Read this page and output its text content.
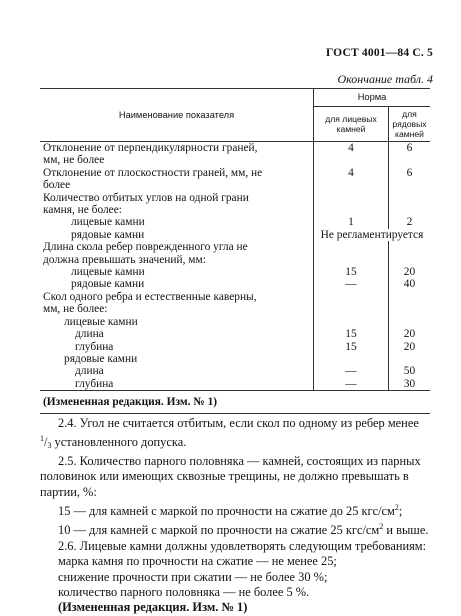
ГОСТ 4001—84 С. 5
Окончание табл. 4
Наименование показателя	Норма	
	для лицевых камней	для рядовых камней
Отклонение от перпендикулярности граней,	4	6
мм, не более		
Отклонение от плоскостности граней, мм, не	4	6
более		
Количество отбитых углов на одной грани		
камня, не более:		
лицевые камни	1	2
рядовые камни	Не регламентируется	
Длина скола ребер поврежденного угла не		
должна превышать значений, мм:		
лицевые камни	15	20
рядовые камни	—	40
Скол одного ребра и естественные каверны,		
мм, не более:		
лицевые камни		
длина	15	20
глубина	15	20
рядовые камни		
длина	—	50
глубина	—	30
(Измененная редакция. Изм. № 1)		

2.4. Угол не считается отбитым, если скол по одному из ребер менее $^1/_3$ установленного допуска.

2.5. Количество парного половняка — камней, состоящих из парных половинок или имеющих сквозные трещины, не должно превышать в партии, %:

15 — для камней с маркой по прочности на сжатие до 25 кгс/$см^2$;

10 — для камней с маркой по прочности на сжатие 25 кгс/$см^2$ и выше.

2.6. Лицевые камни должны удовлетворять следующим требованиям:

марка камня по прочности на сжатие — не менее 25;

снижение прочности при сжатии — не более 30 %;

количество парного половняка — не более 5 %.

(Измененная редакция. Изм. № 1)
